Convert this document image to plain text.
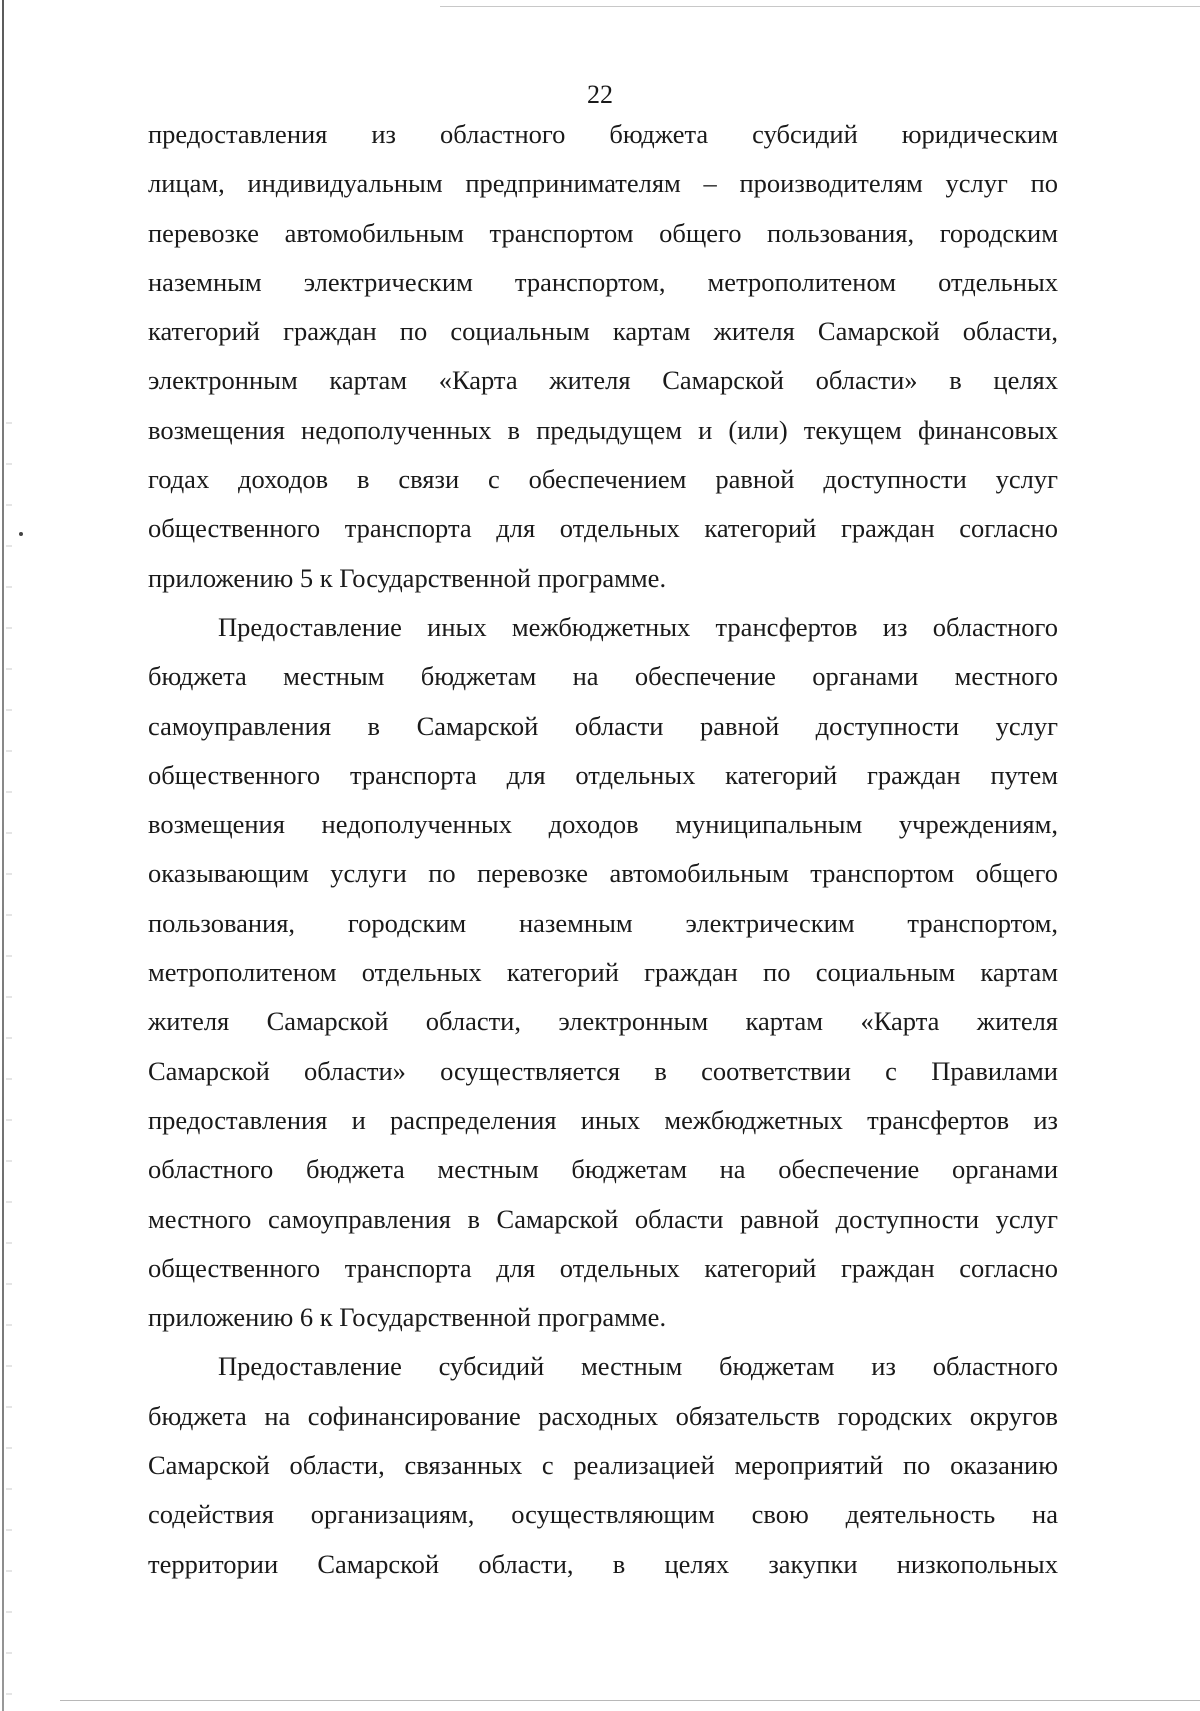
22
предоставления из областного бюджета субсидий юридическим
лицам, индивидуальным предпринимателям – производителям услуг по
перевозке автомобильным транспортом общего пользования, городским
наземным электрическим транспортом, метрополитеном отдельных
категорий граждан по социальным картам жителя Самарской области,
электронным картам «Карта жителя Самарской области» в целях
возмещения недополученных в предыдущем и (или) текущем финансовых
годах доходов в связи с обеспечением равной доступности услуг
общественного транспорта для отдельных категорий граждан согласно
приложению 5 к Государственной программе.
Предоставление иных межбюджетных трансфертов из областного
бюджета местным бюджетам на обеспечение органами местного
самоуправления в Самарской области равной доступности услуг
общественного транспорта для отдельных категорий граждан путем
возмещения недополученных доходов муниципальным учреждениям,
оказывающим услуги по перевозке автомобильным транспортом общего
пользования, городским наземным электрическим транспортом,
метрополитеном отдельных категорий граждан по социальным картам
жителя Самарской области, электронным картам «Карта жителя
Самарской области» осуществляется в соответствии с Правилами
предоставления и распределения иных межбюджетных трансфертов из
областного бюджета местным бюджетам на обеспечение органами
местного самоуправления в Самарской области равной доступности услуг
общественного транспорта для отдельных категорий граждан согласно
приложению 6 к Государственной программе.
Предоставление субсидий местным бюджетам из областного
бюджета на софинансирование расходных обязательств городских округов
Самарской области, связанных с реализацией мероприятий по оказанию
содействия организациям, осуществляющим свою деятельность на
территории Самарской области, в целях закупки низкопольных
